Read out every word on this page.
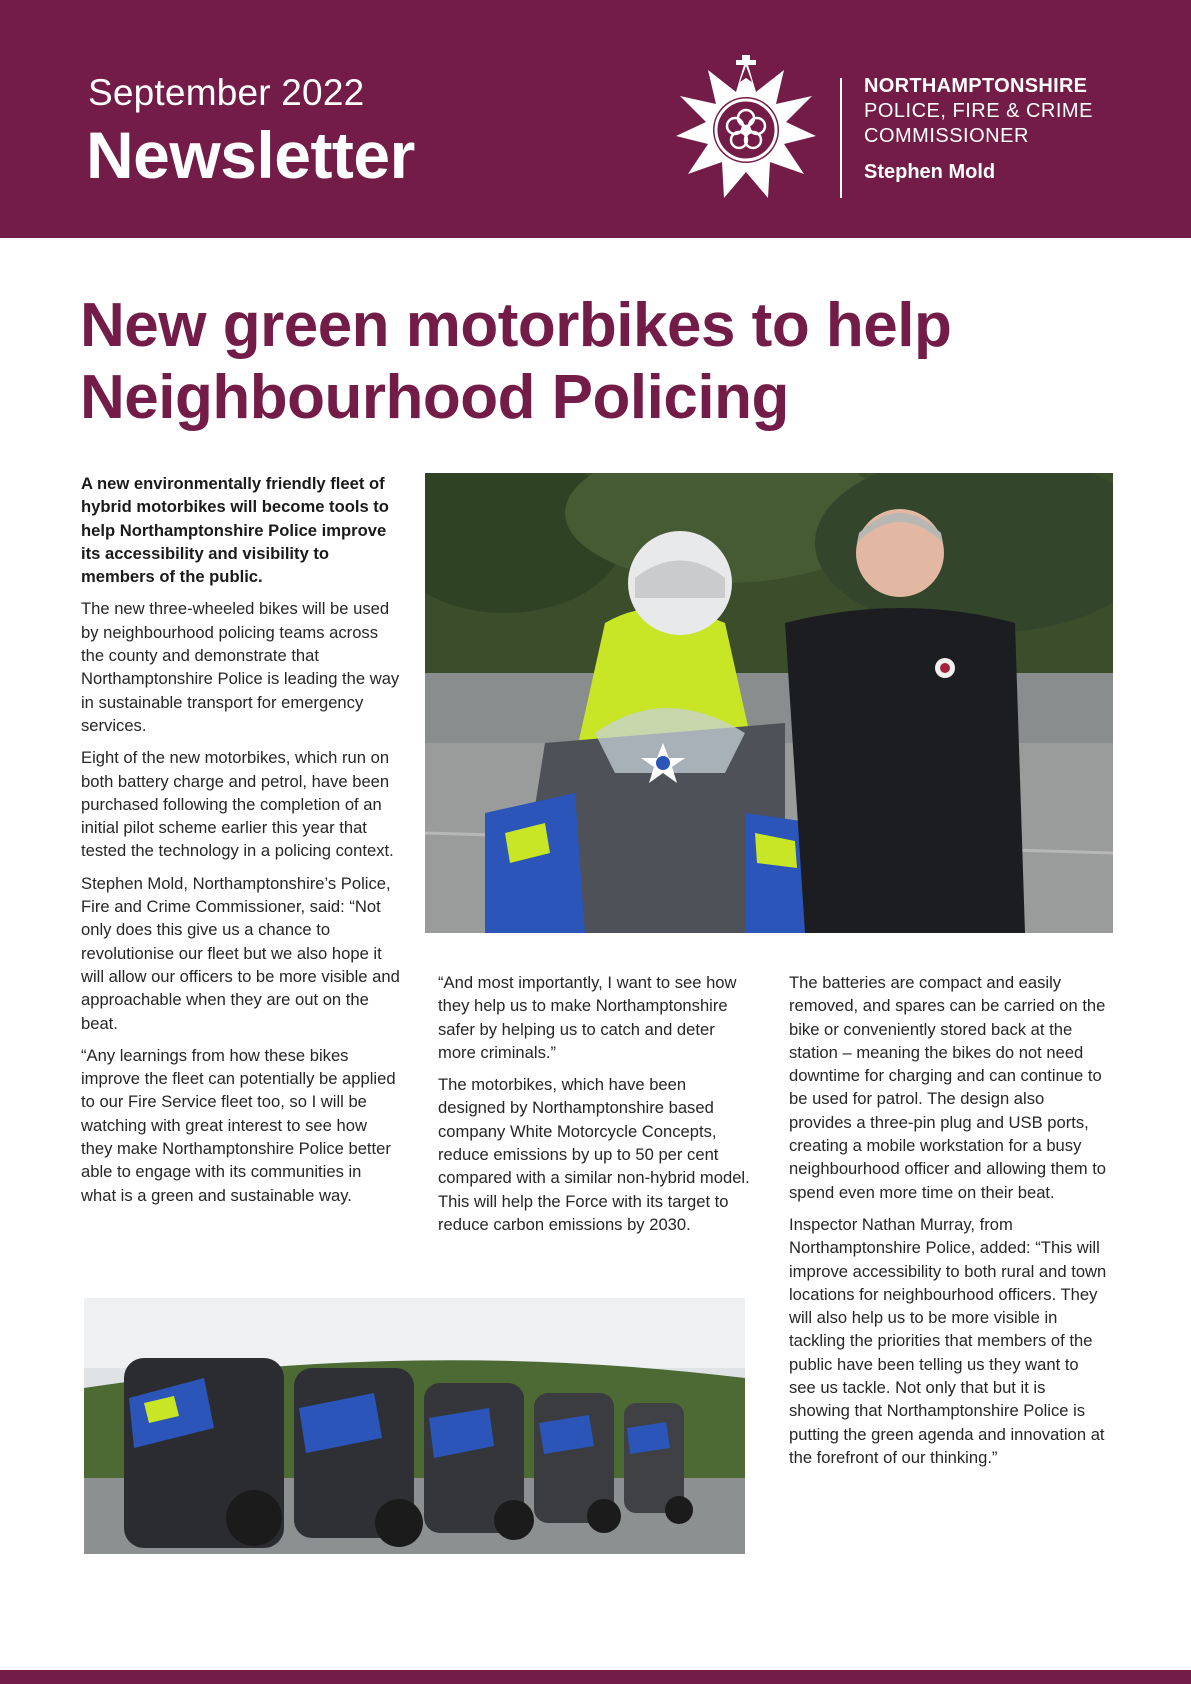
September 2022
Newsletter
NORTHAMPTONSHIRE
POLICE, FIRE & CRIME
COMMISSIONER
Stephen Mold
New green motorbikes to help
Neighbourhood Policing

A new environmentally friendly fleet of hybrid motorbikes will become tools to help Northamptonshire Police improve its accessibility and visibility to members of the public.

The new three-wheeled bikes will be used by neighbourhood policing teams across the county and demonstrate that Northamptonshire Police is leading the way in sustainable transport for emergency services.

Eight of the new motorbikes, which run on both battery charge and petrol, have been purchased following the completion of an initial pilot scheme earlier this year that tested the technology in a policing context.

Stephen Mold, Northamptonshire’s Police, Fire and Crime Commissioner, said: “Not only does this give us a chance to revolutionise our fleet but we also hope it will allow our officers to be more visible and approachable when they are out on the beat.

“Any learnings from how these bikes improve the fleet can potentially be applied to our Fire Service fleet too, so I will be watching with great interest to see how they make Northamptonshire Police better able to engage with its communities in what is a green and sustainable way.

“And most importantly, I want to see how they help us to make Northamptonshire safer by helping us to catch and deter more criminals.”

The motorbikes, which have been designed by Northamptonshire based company White Motorcycle Concepts, reduce emissions by up to 50 per cent compared with a similar non-hybrid model. This will help the Force with its target to reduce carbon emissions by 2030.

The batteries are compact and easily removed, and spares can be carried on the bike or conveniently stored back at the station – meaning the bikes do not need downtime for charging and can continue to be used for patrol. The design also provides a three-pin plug and USB ports, creating a mobile workstation for a busy neighbourhood officer and allowing them to spend even more time on their beat.

Inspector Nathan Murray, from Northamptonshire Police, added: “This will improve accessibility to both rural and town locations for neighbourhood officers. They will also help us to be more visible in tackling the priorities that members of the public have been telling us they want to see us tackle. Not only that but it is showing that Northamptonshire Police is putting the green agenda and innovation at the forefront of our thinking.”
